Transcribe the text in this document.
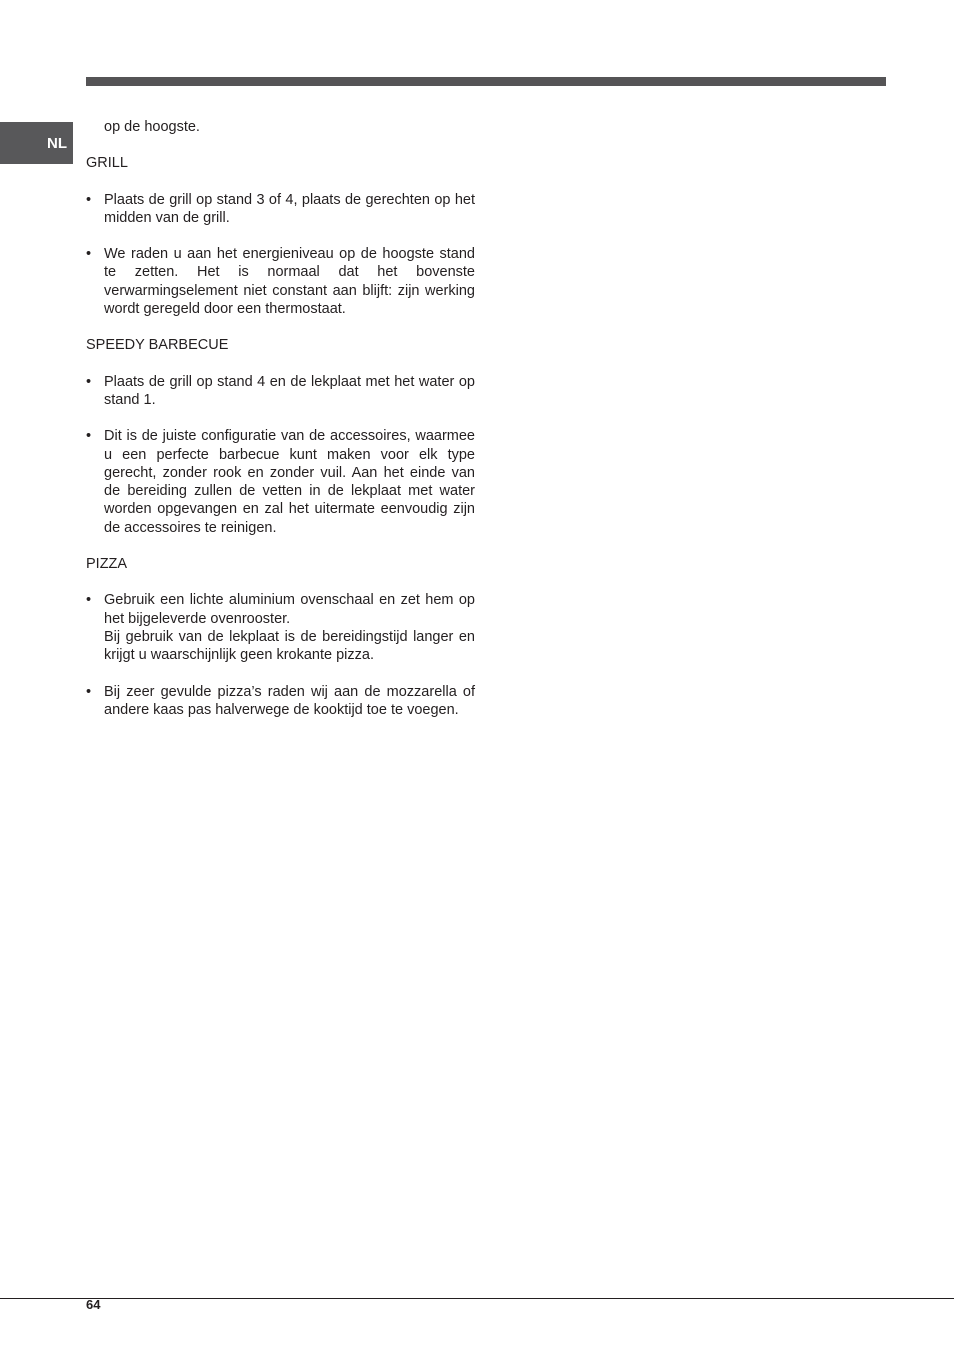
NL

op de hoogste.

GRILL

• Plaats de grill op stand 3 of 4, plaats de gerechten op het midden van de grill.

• We raden u aan het energieniveau op de hoogste stand te zetten. Het is normaal dat het bovenste verwarmingselement niet constant aan blijft: zijn werking wordt geregeld door een thermostaat.

SPEEDY BARBECUE

• Plaats de grill op stand 4 en de lekplaat met het water op stand 1.

• Dit is de juiste configuratie van de accessoires, waarmee u een perfecte barbecue kunt maken voor elk type gerecht, zonder rook en zonder vuil. Aan het einde van de bereiding zullen de vetten in de lekplaat met water worden opgevangen en zal het uitermate eenvoudig zijn de accessoires te reinigen.

PIZZA

• Gebruik een lichte aluminium ovenschaal en zet hem op het bijgeleverde ovenrooster.

Bij gebruik van de lekplaat is de bereidingstijd langer en krijgt u waarschijnlijk geen krokante pizza.

• Bij zeer gevulde pizza’s raden wij aan de mozzarella of andere kaas pas halverwege de kooktijd toe te voegen.

64
